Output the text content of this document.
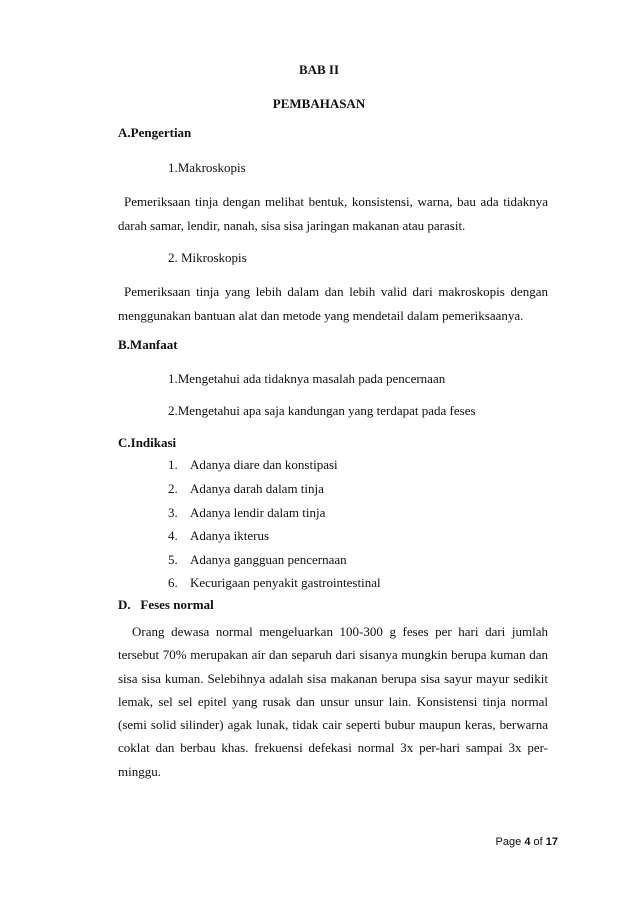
BAB II
PEMBAHASAN
A.Pengertian
1.Makroskopis

Pemeriksaan tinja dengan melihat bentuk, konsistensi, warna, bau ada tidaknya darah samar, lendir, nanah, sisa sisa jaringan makanan atau parasit.

2. Mikroskopis

Pemeriksaan tinja yang lebih dalam dan lebih valid dari makroskopis dengan menggunakan bantuan alat dan metode yang mendetail dalam pemeriksaanya.

B.Manfaat
1.Mengetahui ada tidaknya masalah pada pencernaan
2.Mengetahui apa saja kandungan yang terdapat pada feses
C.Indikasi
1. Adanya diare dan konstipasi
2. Adanya darah dalam tinja
3. Adanya lendir dalam tinja
4. Adanya ikterus
5. Adanya gangguan pencernaan
6. Kecurigaan penyakit gastrointestinal
D.   Feses normal

Orang dewasa normal mengeluarkan 100-300 g feses per hari dari jumlah tersebut 70% merupakan air dan separuh dari sisanya mungkin berupa kuman dan sisa sisa kuman. Selebihnya adalah sisa makanan berupa sisa sayur mayur sedikit lemak, sel sel epitel yang rusak dan unsur unsur lain. Konsistensi tinja normal (semi solid silinder) agak lunak, tidak cair seperti bubur maupun keras, berwarna coklat dan berbau khas. frekuensi defekasi normal 3x per-hari sampai 3x per-minggu.

Page 4 of 17
